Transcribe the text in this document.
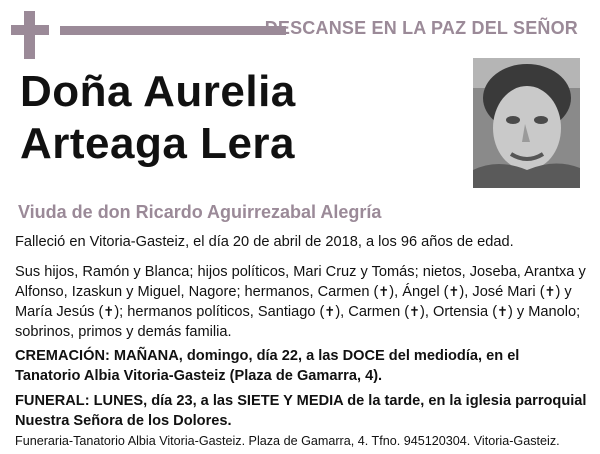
DESCANSE EN LA PAZ DEL SEÑOR
Doña Aurelia
Arteaga Lera
Viuda de don Ricardo Aguirrezabal Alegría
Falleció en Vitoria-Gasteiz, el día 20 de abril de 2018, a los 96 años de edad.
Sus hijos, Ramón y Blanca; hijos políticos, Mari Cruz y Tomás; nietos, Joseba, Arantxa y Alfonso, Izaskun y Miguel, Nagore; hermanos, Carmen (✝), Ángel (✝), José Mari (✝) y María Jesús (✝); hermanos políticos, Santiago (✝), Carmen (✝), Ortensia (✝) y Manolo; sobrinos, primos y demás familia.
CREMACIÓN: MAÑANA, domingo, día 22, a las DOCE del mediodía, en el Tanatorio Albia Vitoria-Gasteiz (Plaza de Gamarra, 4).
FUNERAL: LUNES, día 23, a las SIETE Y MEDIA de la tarde, en la iglesia parroquial Nuestra Señora de los Dolores.
Funeraria-Tanatorio Albia Vitoria-Gasteiz. Plaza de Gamarra, 4. Tfno. 945120304. Vitoria-Gasteiz.
